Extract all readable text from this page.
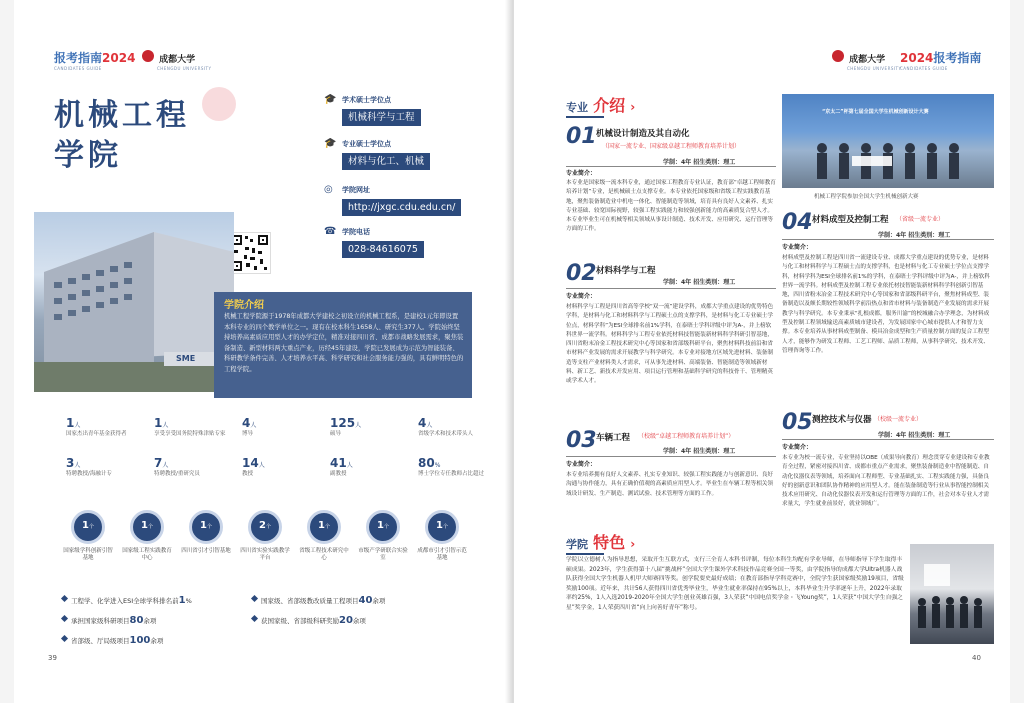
报考指南2024
CANDIDATES GUIDE
成都大学
CHENGDU UNIVERSITY
机械工程
学院
🎓 学术硕士学位点
机械科学与工程
🎓 专业硕士学位点
材料与化工、机械
◎ 学院网址
http://jxgc.cdu.edu.cn/
☎ 学院电话
028-84616075
SME
学院介绍
机械工程学院源于1978年成都大学建校之初设立的机械工程系，是建校1元年即设置本科专业的四个教学单位之一。现有在校本科生1658人、研究生377人。学院始终坚持培养高素质应用型人才的办学定位，精准对接四川省、成都市战略发展需求，聚焦装备制造、新型材料两大重点产业，历经45年建设，学院已发展成为示范为智能装备、科研教学条件完善、人才培养水平高、科学研究和社会服务能力强的，具有鲜明特色的工程学院。
1人
国家杰出青年基金获得者
1人
享受享受国务院特殊津贴专家
4人
博导
125人
硕导
4人
省级学术和技术带头人
3人
特聘教授/海融计专
7人
特聘教授/重研究员
14人
教授
41人
副教授
80%
博士学位专任教师占比超过
1个
国家级学科创新引智基地
1个
国家级工程实践教育中心
1个
四川省引才引智基地
2个
四川省实验实践教学平台
1个
省级工程技术研究中心
1个
市级产学研联合实验室
1个
成都市引才引智示范基地
工程学、化学进入ESI全球学科排名前1%	国家级、省部级教改质量工程项目40余项
承担国家级科研项目80余项	获国家级、省部级科研奖励20余项
省部级、厅局级项目100余项
39
成都大学
CHENGDU UNIVERSITY
2024报考指南
CANDIDATES GUIDE
专业 介绍 ›
01 机械设计制造及其自动化
（国家一流专业、国家级卓越工程师教育培养计划）
学制：4年 招生类别：理工
专业简介：
本专业是国家级一流本科专业，通过国家工程教育专业认证，教育部“卓越工程师教育培养计划”专业，是机械硕士点支撑专业。本专业依托国家级和省级工程实践教育基地，聚焦装备制造业中机电一体化、智能制造等领域，培育具有良好人文素养、扎实专业基础、较宽国际视野，较强工程实践能力和较强创新能力的高素质复合型人才。本专业毕业生可在机械等相关领域从事设计制造、技术开发、应用研究、运行管理等方面的工作。
02 材料科学与工程
学制：4年 招生类别：理工
专业简介：
材料科学与工程是四川省高等学校“双一流”建设学科，成都大学重点建设的优势特色学科，是材料与化工和材料科学与工程硕士点的支撑学科，是材料与化工专业硕士学位点，材料学科”为ESI全球排名前1%学科，在泰晤士学科评级中评为A-，并上榜软科世界一流学科。材料科学与工程专业依托材料技智能装新材料科学科研引智基地，四川省粉末冶金工程技术研究中心等国家和省部级科研平台，聚焦材料科技前沿和省市材料产业发展的需求开展教学与科学研究。本专业对接地方区域先进材料、装备制造等支柱产业材料类人才需求，可从事先进材料、高端装备、智能制造等领域新材料、新工艺、新技术开发应用、项目运行管理和基础科学研究的科技骨干、管理精英或学术人才。
03 车辆工程 （校级“卓越工程师教育培养计划”）
学制：4年 招生类别：理工
专业简介：
本专业培养拥有良好人文素养、扎实专业知识、较强工程实践能力与创新意识、良好沟通与协作能力，具有正确价值观的高素质应用型人才。毕业生在车辆工程等相关领域设计研发、生产制造、测试试验、技术管理等方面的工作。
学院 特色 ›
学院以立德树人为指导思想，采取开生互联方式，支行三全育人本科书评制，每位本科生均配有学业导师，在导师指导下学生取得丰硕成果。2023年，学生获得第十八届“挑战杯”全国大学生课外学术科技作品竞赛全国一等奖，由学院指导的成都大学Ultra机器人战队获得全国大学生机器人机甲大师赛四等奖。创学院要史最好成绩；在教育部指导学科竞赛中，全院学生获国家级奖励19项目，省级奖励100项。近年来，共计56人获得四川省优秀毕业生，毕业生就业率保持在95%以上，本科毕业生升学率逐年上升，2022年录取率约25%，1人入选2019-2020年全国大学生创业英雄百强，3人荣获“中国电信奖学金・飞Young奖”，1人荣获“中国大学生自强之星”奖学金，1人荣获四川省“向上向善好青年”称号。
“京太二”杯第七届全国大学生机械创新设计大赛
机械工程学院参加全国大学生机械创新大赛
04 材料成型及控制工程 （省级一流专业）
学制：4年 招生类别：理工
专业简介：
材料成型及控制工程是四川省一流建设专业、成都大学重点建设的优势专业，是材料与化工和材料科学与工程硕士点的支撑学科，也是材料与化工专业硕士学位点支撑学科，材料学科为ESI全球排名前1%的学科，在泰晤士学科评级中评为A-，并上榜软科世界一流学科。材料成型及控制工程专业依托材技智能装新材料科学科创新引智基地，四川省粉末冶金工程技术研究中心等国家和省部级科研平台，聚焦材料成型、装备制造以及颇长期较性领域科学前沿热点和省市材料与装备制造产业发展的需求开展教学与科学研究。本专业秉承“扎根成都，服务川渝”的校城融合办学理念，为材料成型及控制工程领域输送高素质城市建设者，为发展国家中心城市提供人才和智力支撑。本专业培养从事材料成型制备、模具冶金成型和生产质量控制方面的复合工程型人才，能够作为研发工程师、工艺工程师、品质工程师，从事科学研究、技术开发、管理咨询等工作。
05 测控技术与仪器 （校级一流专业）
学制：4年 招生类别：理工
专业简介：
本专业为校一流专业，专业坚持以OBE（成果导向教育）理念贯穿专业建设和专业教育全过程，紧密对接四川省、成都市重点产业需求，聚焦装备制造业中智能制造、自动化仪器仪表等领域，培养面向工程师型、专业基础扎实、工程实践能力强，具备良好的创新意识和团队协作精神的应用型人才。能在装备制造等行业从事智能控制相关技术应用研究、自动化仪器仪表开发和运行管理等方面的工作，社会对本专业人才需求量大，学生就业前景好，就业领域广。
40
